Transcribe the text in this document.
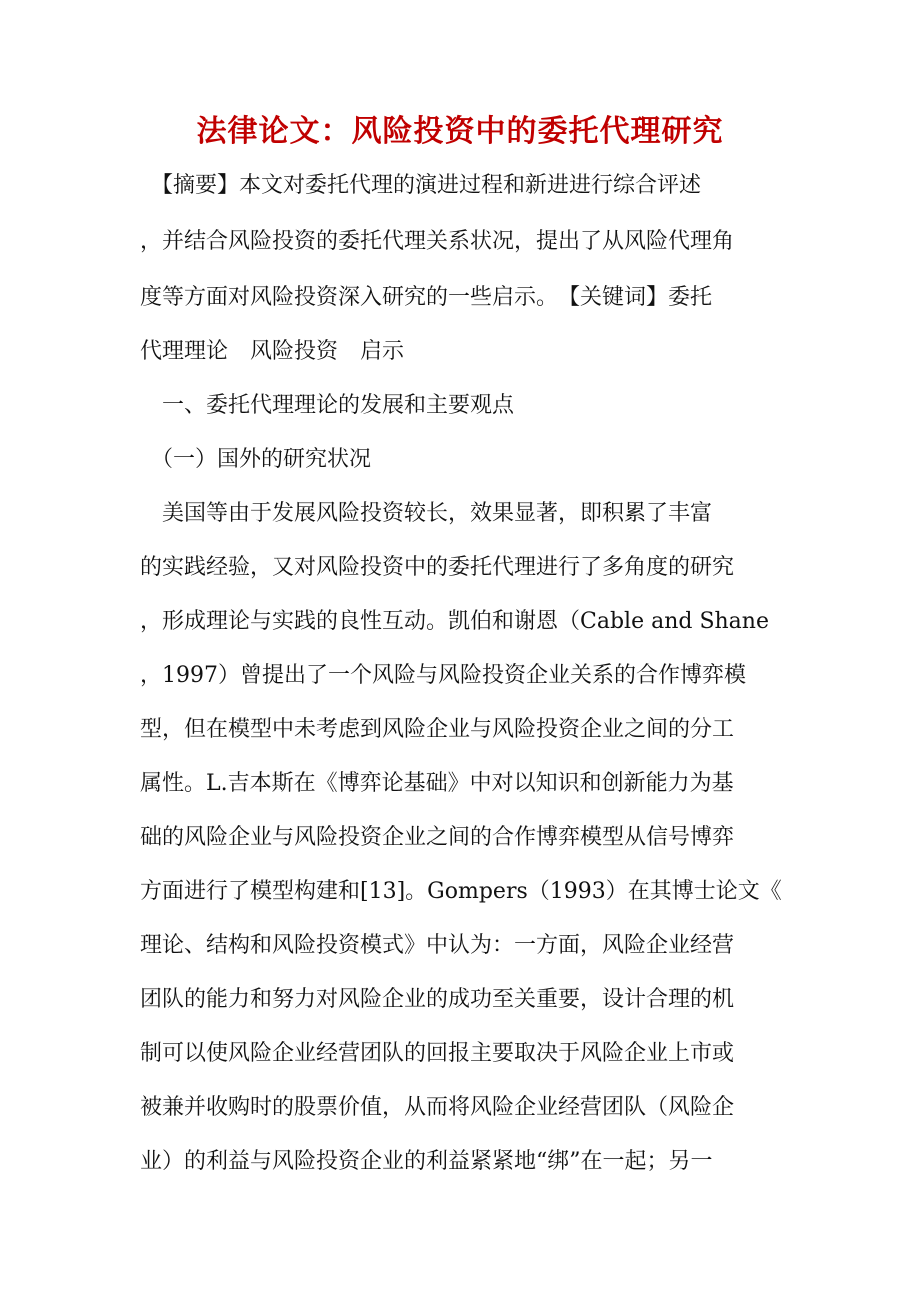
法律论文：风险投资中的委托代理研究
　【摘要】本文对委托代理的演进过程和新进进行综合评述
，并结合风险投资的委托代理关系状况，提出了从风险代理角
度等方面对风险投资深入研究的一些启示。　【关键词】委托
代理理论　风险投资　启示
　一、委托代理理论的发展和主要观点
　（一）国外的研究状况
　美国等由于发展风险投资较长，效果显著，即积累了丰富
的实践经验，又对风险投资中的委托代理进行了多角度的研究
，形成理论与实践的良性互动。凯伯和谢恩（Cable and Shane
，1997）曾提出了一个风险与风险投资企业关系的合作博弈模
型，但在模型中未考虑到风险企业与风险投资企业之间的分工
属性。L.吉本斯在《博弈论基础》中对以知识和创新能力为基
础的风险企业与风险投资企业之间的合作博弈模型从信号博弈
方面进行了模型构建和[13]。Gompers（1993）在其博士论文《
理论、结构和风险投资模式》中认为：一方面，风险企业经营
团队的能力和努力对风险企业的成功至关重要，设计合理的机
制可以使风险企业经营团队的回报主要取决于风险企业上市或
被兼并收购时的股票价值，从而将风险企业经营团队（风险企
业）的利益与风险投资企业的利益紧紧地“绑”在一起；另一
